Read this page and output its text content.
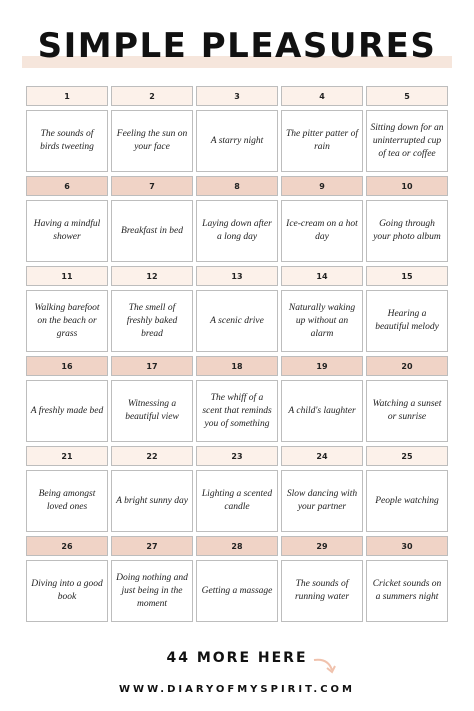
SIMPLE PLEASURES
1	2	3	4	5
The sounds of birds tweeting
Feeling the sun on your face
A starry night
The pitter patter of rain
Sitting down for an uninterrupted cup of tea or coffee
6	7	8	9	10
Having a mindful shower
Breakfast in bed
Laying down after a long day
Ice-cream on a hot day
Going through your photo album
11	12	13	14	15
Walking barefoot on the beach or grass
The smell of freshly baked bread
A scenic drive
Naturally waking up without an alarm
Hearing a beautiful melody
16	17	18	19	20
A freshly made bed
Witnessing a beautiful view
The whiff of a scent that reminds you of something
A child's laughter
Watching a sunset or sunrise
21	22	23	24	25
Being amongst loved ones
A bright sunny day
Lighting a scented candle
Slow dancing with your partner
People watching
26	27	28	29	30
Diving into a good book
Doing nothing and just being in the moment
Getting a massage
The sounds of running water
Cricket sounds on a summers night
44 MORE HERE
WWW.DIARYOFMYSPIRIT.COM
